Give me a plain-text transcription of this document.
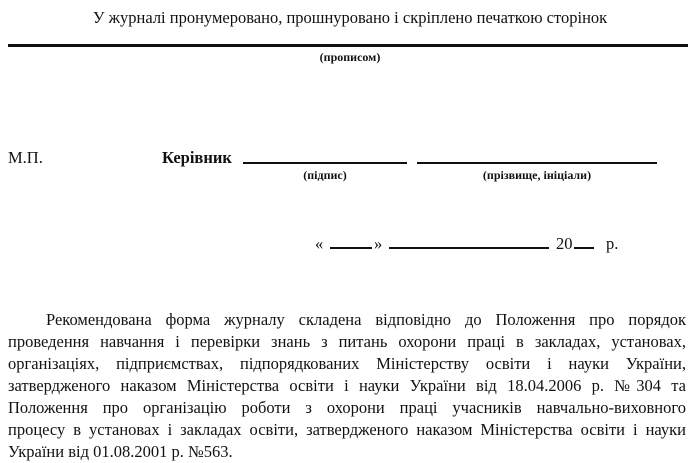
У журналі пронумеровано, прошнуровано і скріплено печаткою сторінок
(прописом)
М.П.	Керівник
(підпис)	(прізвище, ініціали)
«	»	20 р.
Рекомендована форма журналу складена відповідно до Положення про порядок
проведення навчання і перевірки знань з питань охорони праці в закладах, установах,
організаціях, підприємствах, підпорядкованих Міністерству освіти і науки України,
затвердженого наказом Міністерства освіти і науки України від 18.04.2006 р. №304 та
Положення про організацію роботи з охорони праці учасників навчально-виховного
процесу в установах і закладах освіти, затвердженого наказом Міністерства освіти і науки
України від 01.08.2001 р. №563.
